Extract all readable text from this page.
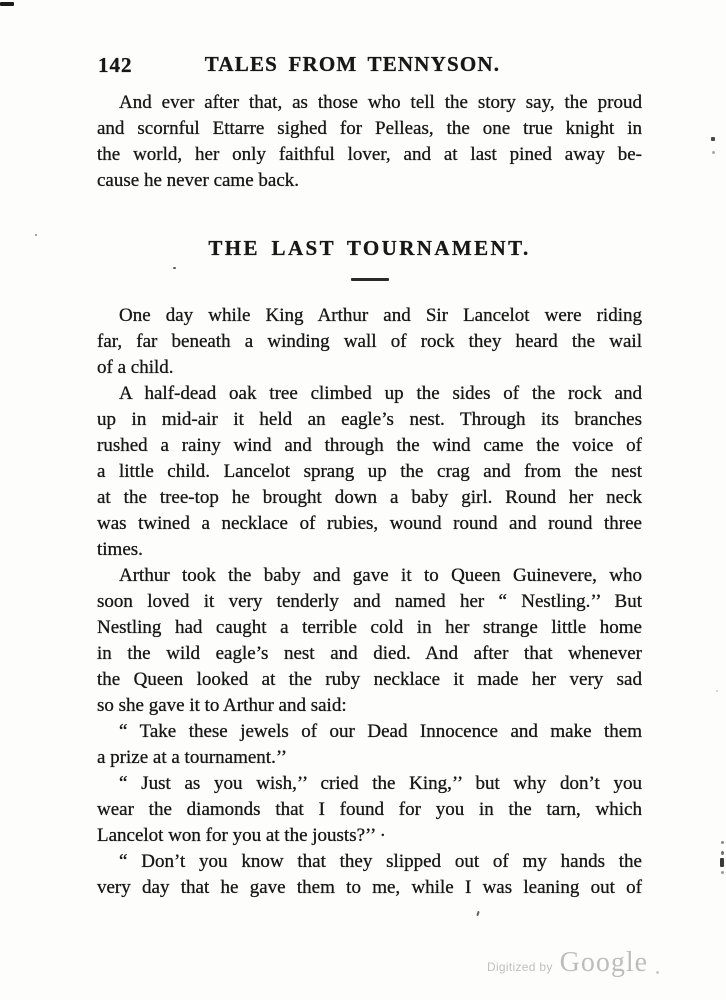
142	TALES FROM TENNYSON.
And ever after that, as those who tell the story say, the proud
and scornful Ettarre sighed for Pelleas, the one true knight in
the world, her only faithful lover, and at last pined away be-
cause he never came back.
THE LAST TOURNAMENT.
One day while King Arthur and Sir Lancelot were riding
far, far beneath a winding wall of rock they heard the wail
of a child.
A half-dead oak tree climbed up the sides of the rock and
up in mid-air it held an eagle’s nest. Through its branches
rushed a rainy wind and through the wind came the voice of
a little child. Lancelot sprang up the crag and from the nest
at the tree-top he brought down a baby girl. Round her neck
was twined a necklace of rubies, wound round and round three
times.
Arthur took the baby and gave it to Queen Guinevere, who
soon loved it very tenderly and named her “ Nestling.’’ But
Nestling had caught a terrible cold in her strange little home
in the wild eagle’s nest and died. And after that whenever
the Queen looked at the ruby necklace it made her very sad
so she gave it to Arthur and said:
“ Take these jewels of our Dead Innocence and make them
a prize at a tournament.’’
“ Just as you wish,’’ cried the King,’’ but why don’t you
wear the diamonds that I found for you in the tarn, which
Lancelot won for you at the jousts?’’ ·
“ Don’t you know that they slipped out of my hands the
very day that he gave them to me, while I was leaning out of
Digitized by Google
